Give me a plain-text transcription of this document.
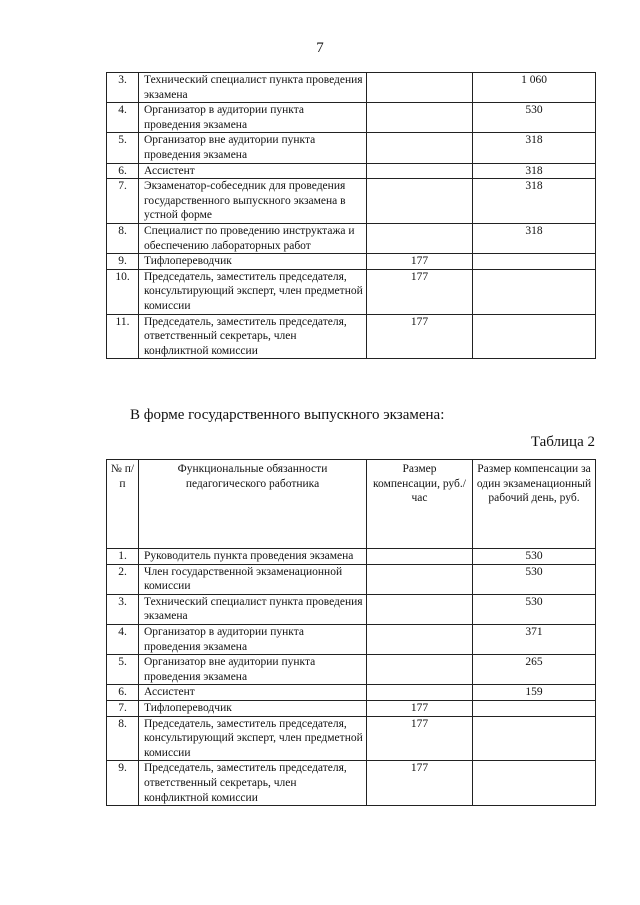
7
3.	Технический специалист пункта проведения экзамена		1 060
4.	Организатор в аудитории пункта проведения экзамена		530
5.	Организатор вне аудитории пункта проведения экзамена		318
6.	Ассистент		318
7.	Экзаменатор-собеседник для проведения государственного выпускного экзамена в устной форме		318
8.	Специалист по проведению инструктажа и обеспечению лабораторных работ		318
9.	Тифлопереводчик	177	
10.	Председатель, заместитель председателя, консультирующий эксперт, член предметной комиссии	177	
11.	Председатель, заместитель председателя, ответственный секретарь, член конфликтной комиссии	177	
В форме государственного выпускного экзамена:
Таблица 2
№ п/п	Функциональные обязанности педагогического работника	Размер компенсации, руб./час	Размер компенсации за один экзаменационный рабочий день, руб.
1.	Руководитель пункта проведения экзамена		530
2.	Член государственной экзаменационной комиссии		530
3.	Технический специалист пункта проведения экзамена		530
4.	Организатор в аудитории пункта проведения экзамена		371
5.	Организатор вне аудитории пункта проведения экзамена		265
6.	Ассистент		159
7.	Тифлопереводчик	177	
8.	Председатель, заместитель председателя, консультирующий эксперт, член предметной комиссии	177	
9.	Председатель, заместитель председателя, ответственный секретарь, член конфликтной комиссии	177	
